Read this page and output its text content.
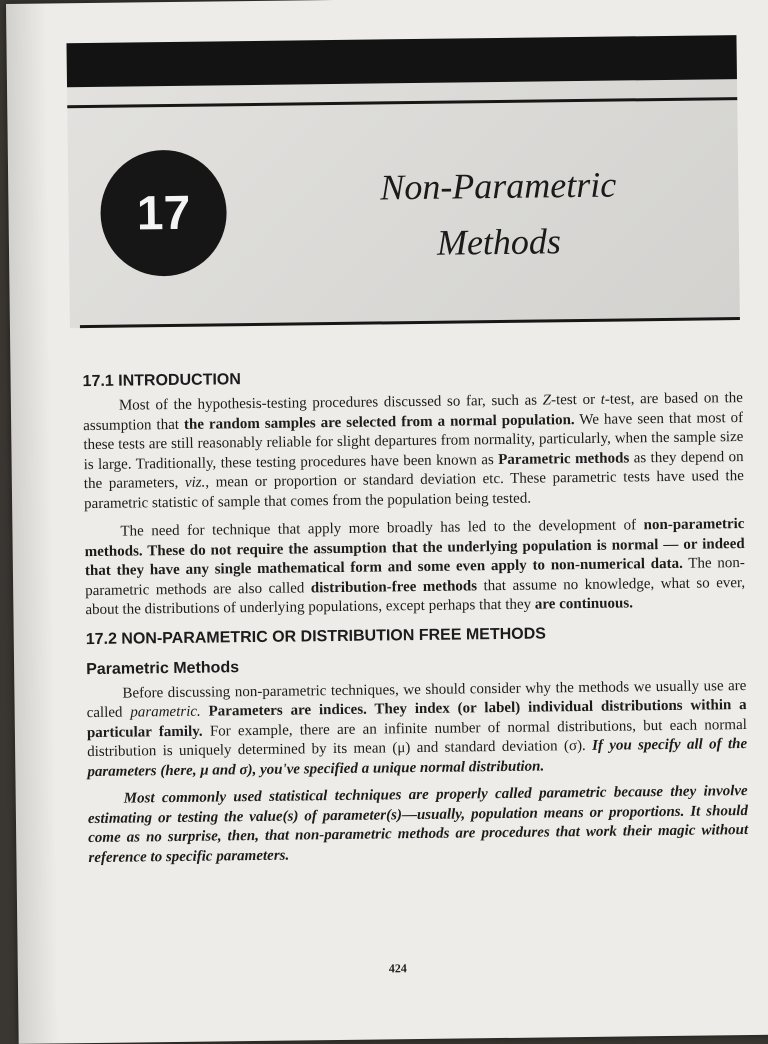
17
Non-Parametric
Methods
17.1 INTRODUCTION

Most of the hypothesis-testing procedures discussed so far, such as Z-test or t-test, are based on the assumption that the random samples are selected from a normal population. We have seen that most of these tests are still reasonably reliable for slight departures from normality, particularly, when the sample size is large. Traditionally, these testing procedures have been known as Parametric methods as they depend on the parameters, viz., mean or proportion or standard deviation etc. These parametric tests have used the parametric statistic of sample that comes from the population being tested.

The need for technique that apply more broadly has led to the development of non-parametric methods. These do not require the assumption that the underlying population is normal — or indeed that they have any single mathematical form and some even apply to non-numerical data. The non-parametric methods are also called distribution-free methods that assume no knowledge, what so ever, about the distributions of underlying populations, except perhaps that they are continuous.

17.2 NON-PARAMETRIC OR DISTRIBUTION FREE METHODS
Parametric Methods

Before discussing non-parametric techniques, we should consider why the methods we usually use are called parametric. Parameters are indices. They index (or label) individual distributions within a particular family. For example, there are an infinite number of normal distributions, but each normal distribution is uniquely determined by its mean (μ) and standard deviation (σ). If you specify all of the parameters (here, μ and σ), you've specified a unique normal distribution.

Most commonly used statistical techniques are properly called parametric because they involve estimating or testing the value(s) of parameter(s)—usually, population means or proportions. It should come as no surprise, then, that non-parametric methods are procedures that work their magic without reference to specific parameters.

424
